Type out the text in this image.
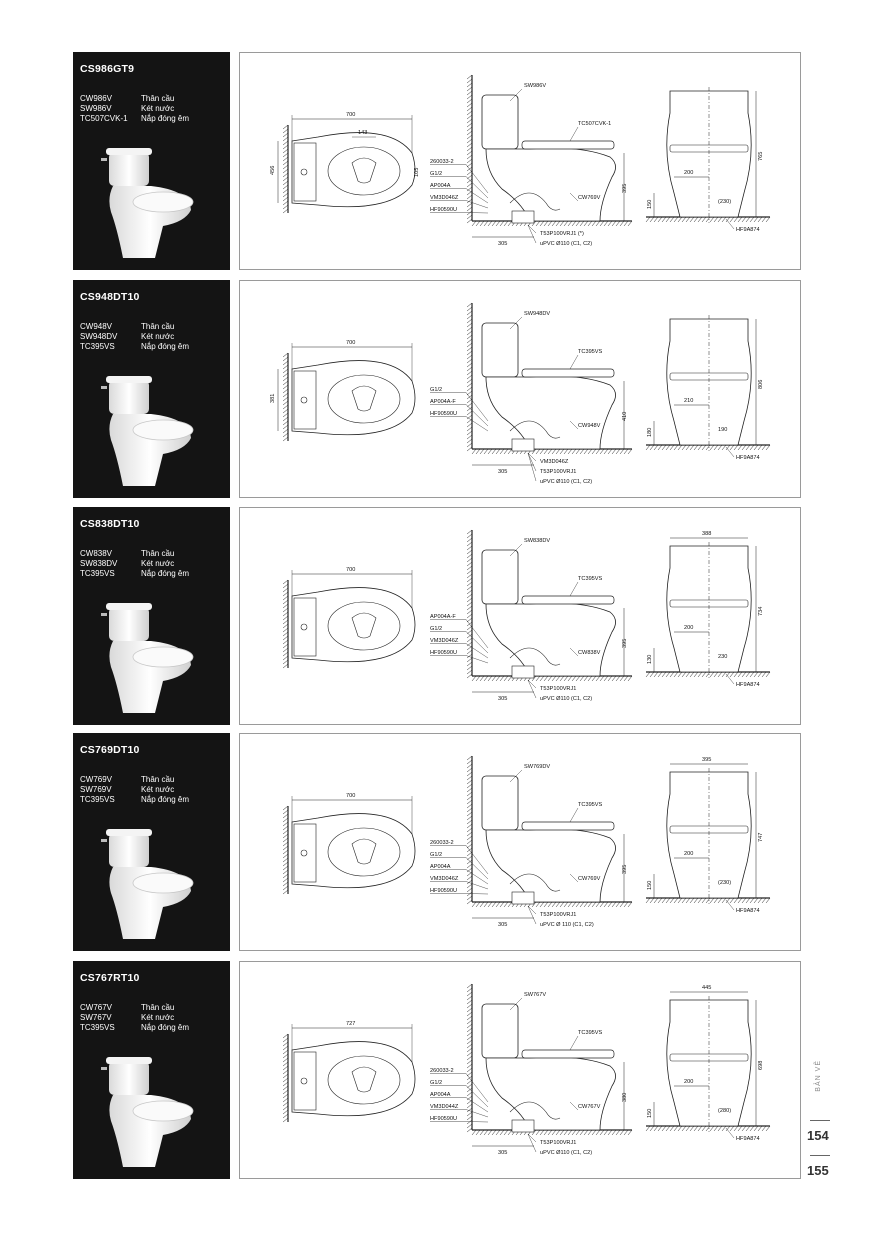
CS986GT9
CW986V	Thân cầu
SW986V	Két nước
TC507CVK-1	Nắp đóng êm	700
456
143
105
395
305
SW986V
TC507CVK-1
CW769V
260033-2
G1/2
AP004A
VM3D046Z
HF90590U
T53P100VRJ1 (*)
uPVC Ø110 (C1, C2)
765
200
(230)
150
HF9A874
CS948DT10
CW948V	Thân cầu
SW948DV	Két nước
TC395VS	Nắp đóng êm	700
381
410
305
SW948DV
TC395VS
CW948V
G1/2
AP004A-F
HF90590U
VM3D046Z
T53P100VRJ1
uPVC Ø110 (C1, C2)
806
210
190
180
HF9A874
CS838DT10
CW838V	Thân cầu
SW838DV	Két nước
TC395VS	Nắp đóng êm	700
395
305
SW838DV
TC395VS
CW838V
AP004A-F
G1/2
VM3D046Z
HF90590U
T53P100VRJ1
uPVC Ø110 (C1, C2)
734
388
200
230
130
HF9A874
CS769DT10
CW769V	Thân cầu
SW769V	Két nước
TC395VS	Nắp đóng êm	700
395
305
SW769DV
TC395VS
CW769V
260033-2
G1/2
AP004A
VM3D046Z
HF90590U
T53P100VRJ1
uPVC Ø 110 (C1, C2)
747
395
200
(230)
150
HF9A874
CS767RT10
CW767V	Thân cầu
SW767V	Két nước
TC395VS	Nắp đóng êm	727
380
305
SW767V
TC395VS
CW767V
260033-2
G1/2
AP004A
VM3D044Z
HF90590U
T53P100VRJ1
uPVC Ø110 (C1, C2)
698
445
200
(280)
150
HF9A874
BẢN VẼ
154
155
